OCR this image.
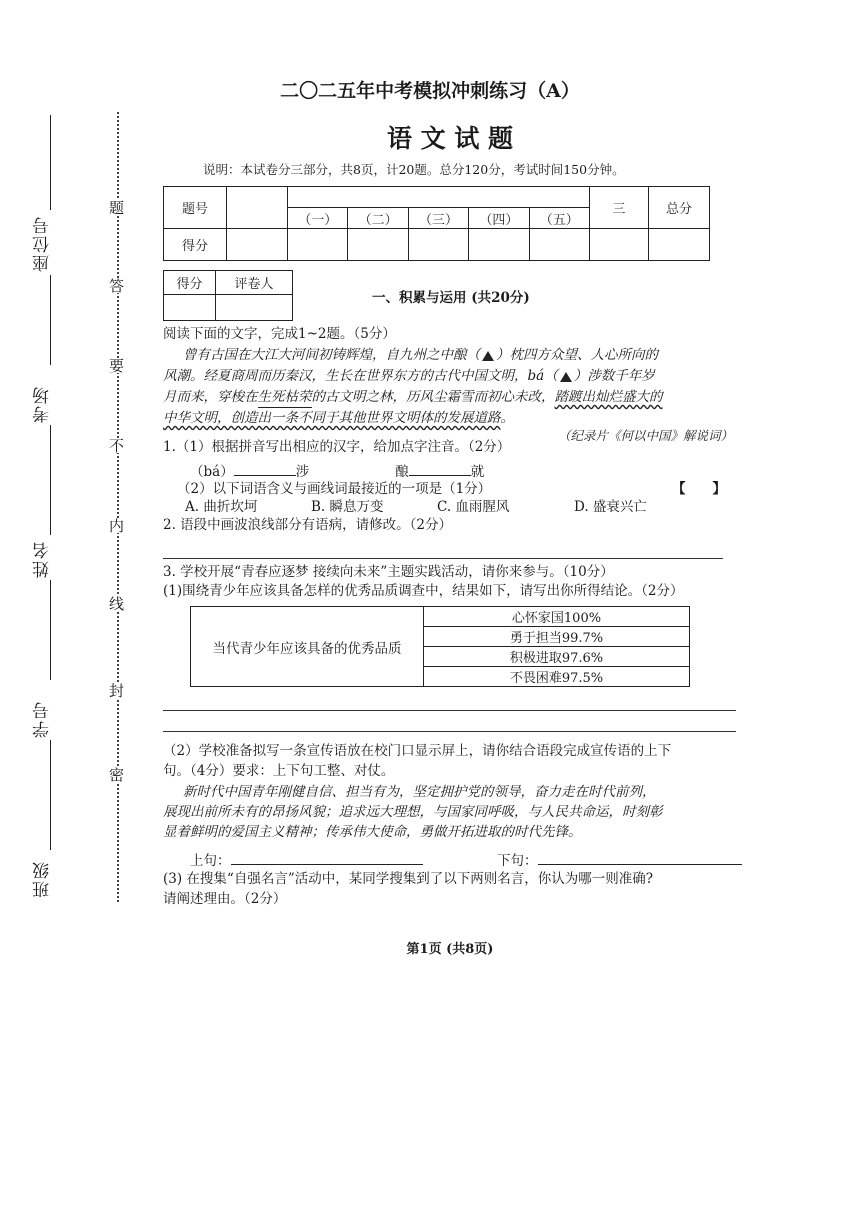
座位号
考场
姓名
学号
班级
题
答
要
不
内
线
封
密
二〇二五年中考模拟冲刺练习（A）
语 文 试 题
说明：本试卷分三部分，共8页，计20题。总分120分，考试时间150分钟。
题号							三	总分
		（一）	（二）	（三）	（四）	（五）		
得分								
得分	评卷人

一、积累与运用 (共20分)
阅读下面的文字，完成1~2题。（5分）
曾有古国在大江大河间初铸辉煌，自九州之中酿（ ）枕四方众望、人心所向的
风潮。经夏商周而历秦汉，生长在世界东方的古代中国文明，bá（ ）涉数千年岁
月而来，穿梭在生死枯荣的古文明之林，历风尘霜雪而初心未改，踏踱出灿烂盛大的
中华文明，创造出一条不同于其他世界文明体的发展道路。
（纪录片《何以中国》解说词）
1.（1）根据拼音写出相应的汉字，给加点字注音。（2分）
（bá）	涉	酿	就
（2）以下词语含义与画线词最接近的一项是（1分）	【　　】
A. 曲折坎坷	B. 瞬息万变	C. 血雨腥风	D. 盛衰兴亡
2. 语段中画波浪线部分有语病，请修改。（2分）
3. 学校开展“青春应逐梦 接续向未来”主题实践活动，请你来参与。（10分）
(1)围绕青少年应该具备怎样的优秀品质调查中，结果如下，请写出你所得结论。（2分）
当代青少年应该具备的优秀品质	心怀家国100%
勇于担当99.7%
积极进取97.6%
不畏困难97.5%
（2）学校准备拟写一条宣传语放在校门口显示屏上，请你结合语段完成宣传语的上下
句。（4分）要求：上下句工整、对仗。
新时代中国青年刚健自信、担当有为，坚定拥护党的领导，奋力走在时代前列，
展现出前所未有的昂扬风貌；追求远大理想，与国家同呼吸，与人民共命运，时刻彰
显着鲜明的爱国主义精神；传承伟大使命，勇做开拓进取的时代先锋。
上句：	下句：
(3) 在搜集“自强名言”活动中，某同学搜集到了以下两则名言，你认为哪一则准确?
请阐述理由。（2分）
第1页 (共8页)
